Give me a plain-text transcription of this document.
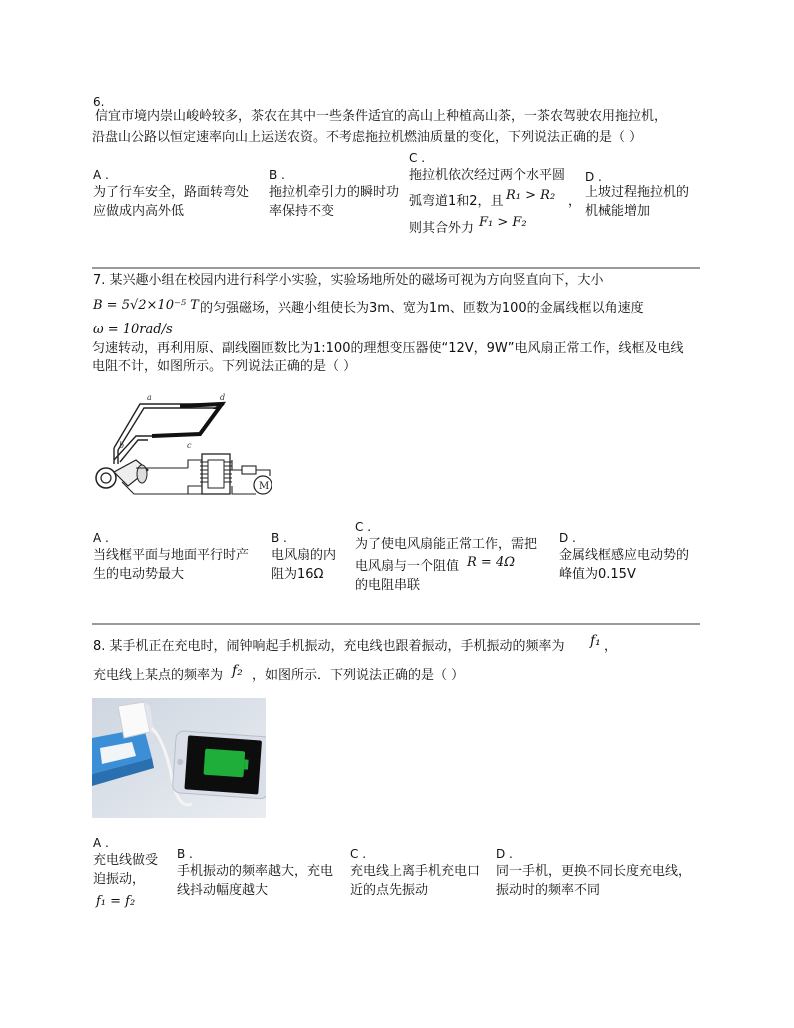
6.
信宜市境内崇山峻岭较多，茶农在其中一些条件适宜的高山上种植高山茶，一茶农驾驶农用拖拉机，
沿盘山公路以恒定速率向山上运送农资。不考虑拖拉机燃油质量的变化，下列说法正确的是（ ）
A .
为了行车安全，路面转弯处
应做成内高外低
B .
拖拉机牵引力的瞬时功
率保持不变
C .
拖拉机依次经过两个水平圆
弧弯道1和2，且 R₁ > R₂ ，
则其合外力 F₁ > F₂
D .
上坡过程拖拉机的
机械能增加
7. 某兴趣小组在校园内进行科学小实验，实验场地所处的磁场可视为方向竖直向下，大小
B = 5√2×10⁻⁵ T 的匀强磁场，兴趣小组使长为3m、宽为1m、匝数为100的金属线框以角速度
ω = 10rad/s
匀速转动，再利用原、副线圈匝数比为1:100的理想变压器使“12V，9W”电风扇正常工作，线框及电线
电阻不计，如图所示。下列说法正确的是（ ）
M
a	d
b	c
A .
当线框平面与地面平行时产
生的电动势最大
B .
电风扇的内
阻为16Ω
C .
为了使电风扇能正常工作，需把
电风扇与一个阻值 R = 4Ω
的电阻串联
D .
金属线框感应电动势的
峰值为0.15V
8. 某手机正在充电时，闹钟响起手机振动，充电线也跟着振动，手机振动的频率为 f₁ ，
充电线上某点的频率为 f₂ ，如图所示．下列说法正确的是（ ）
A .
充电线做受
迫振动，
f₁ = f₂
B .
手机振动的频率越大，充电
线抖动幅度越大
C .
充电线上离手机充电口
近的点先振动
D .
同一手机，更换不同长度充电线，
振动时的频率不同
